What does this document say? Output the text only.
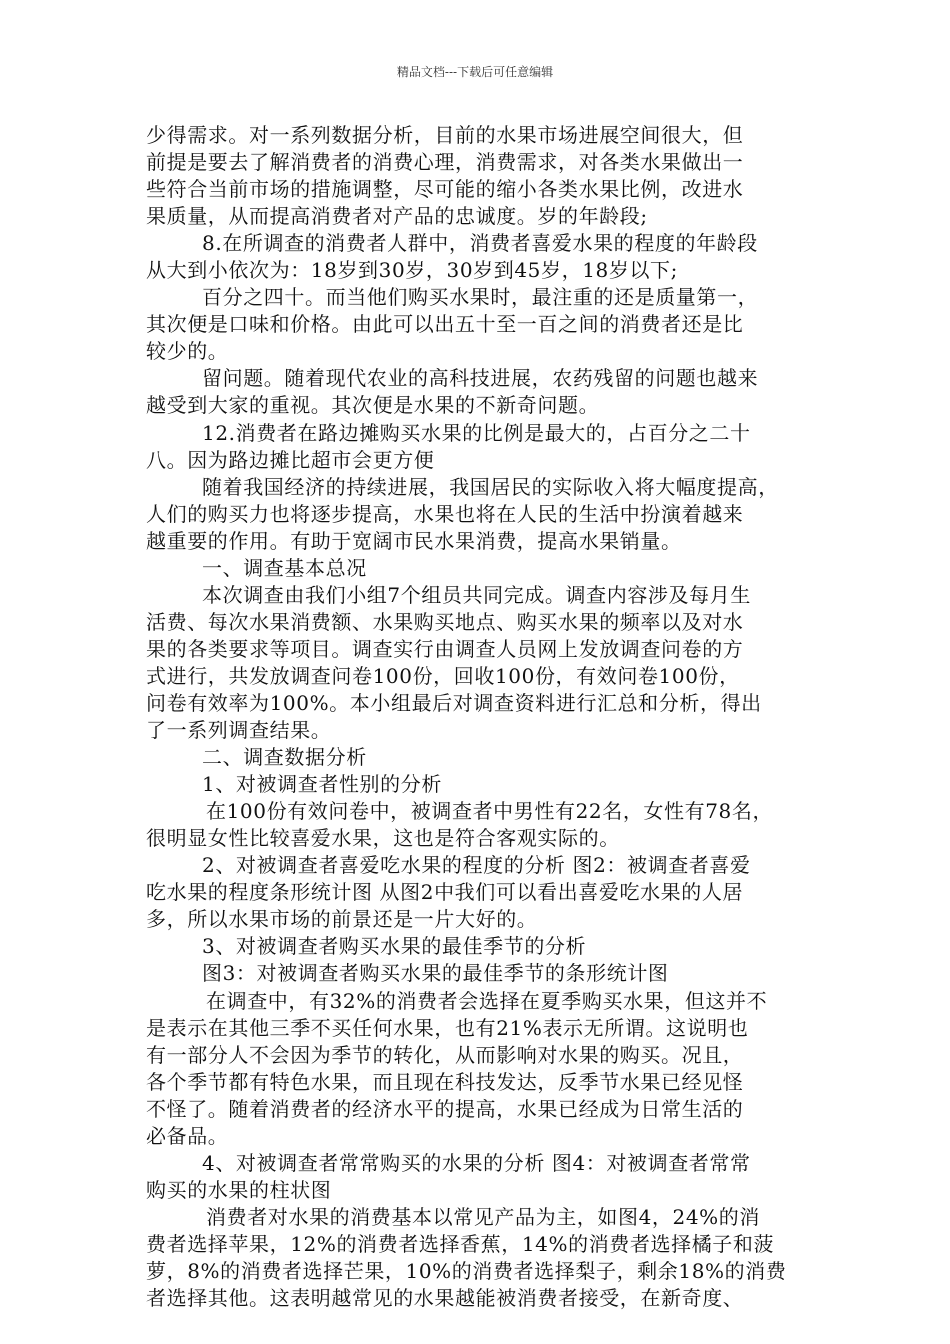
精品文档---下载后可任意编辑
少得需求。对一系列数据分析，目前的水果市场进展空间很大，但
前提是要去了解消费者的消费心理，消费需求，对各类水果做出一
些符合当前市场的措施调整，尽可能的缩小各类水果比例，改进水
果质量，从而提高消费者对产品的忠诚度。岁的年龄段;
8.在所调查的消费者人群中，消费者喜爱水果的程度的年龄段
从大到小依次为：18岁到30岁，30岁到45岁，18岁以下;
百分之四十。而当他们购买水果时，最注重的还是质量第一，
其次便是口味和价格。由此可以出五十至一百之间的消费者还是比
较少的。
留问题。随着现代农业的高科技进展，农药残留的问题也越来
越受到大家的重视。其次便是水果的不新奇问题。
12.消费者在路边摊购买水果的比例是最大的，占百分之二十
八。因为路边摊比超市会更方便
随着我国经济的持续进展，我国居民的实际收入将大幅度提高，
人们的购买力也将逐步提高，水果也将在人民的生活中扮演着越来
越重要的作用。有助于宽阔市民水果消费，提高水果销量。
一、调查基本总况
本次调查由我们小组7个组员共同完成。调查内容涉及每月生
活费、每次水果消费额、水果购买地点、购买水果的频率以及对水
果的各类要求等项目。调查实行由调查人员网上发放调查问卷的方
式进行，共发放调查问卷100份，回收100份，有效问卷100份，
问卷有效率为100%。本小组最后对调查资料进行汇总和分析，得出
了一系列调查结果。
二、调查数据分析
1、对被调查者性别的分析
在100份有效问卷中，被调查者中男性有22名，女性有78名，
很明显女性比较喜爱水果，这也是符合客观实际的。
2、对被调查者喜爱吃水果的程度的分析 图2：被调查者喜爱
吃水果的程度条形统计图 从图2中我们可以看出喜爱吃水果的人居
多，所以水果市场的前景还是一片大好的。
3、对被调查者购买水果的最佳季节的分析
图3：对被调查者购买水果的最佳季节的条形统计图
在调查中，有32%的消费者会选择在夏季购买水果，但这并不
是表示在其他三季不买任何水果，也有21%表示无所谓。这说明也
有一部分人不会因为季节的转化，从而影响对水果的购买。况且，
各个季节都有特色水果，而且现在科技发达，反季节水果已经见怪
不怪了。随着消费者的经济水平的提高，水果已经成为日常生活的
必备品。
4、对被调查者常常购买的水果的分析 图4：对被调查者常常
购买的水果的柱状图
消费者对水果的消费基本以常见产品为主，如图4，24%的消
费者选择苹果，12%的消费者选择香蕉，14%的消费者选择橘子和菠
萝，8%的消费者选择芒果，10%的消费者选择梨子，剩余18%的消费
者选择其他。这表明越常见的水果越能被消费者接受，在新奇度、
